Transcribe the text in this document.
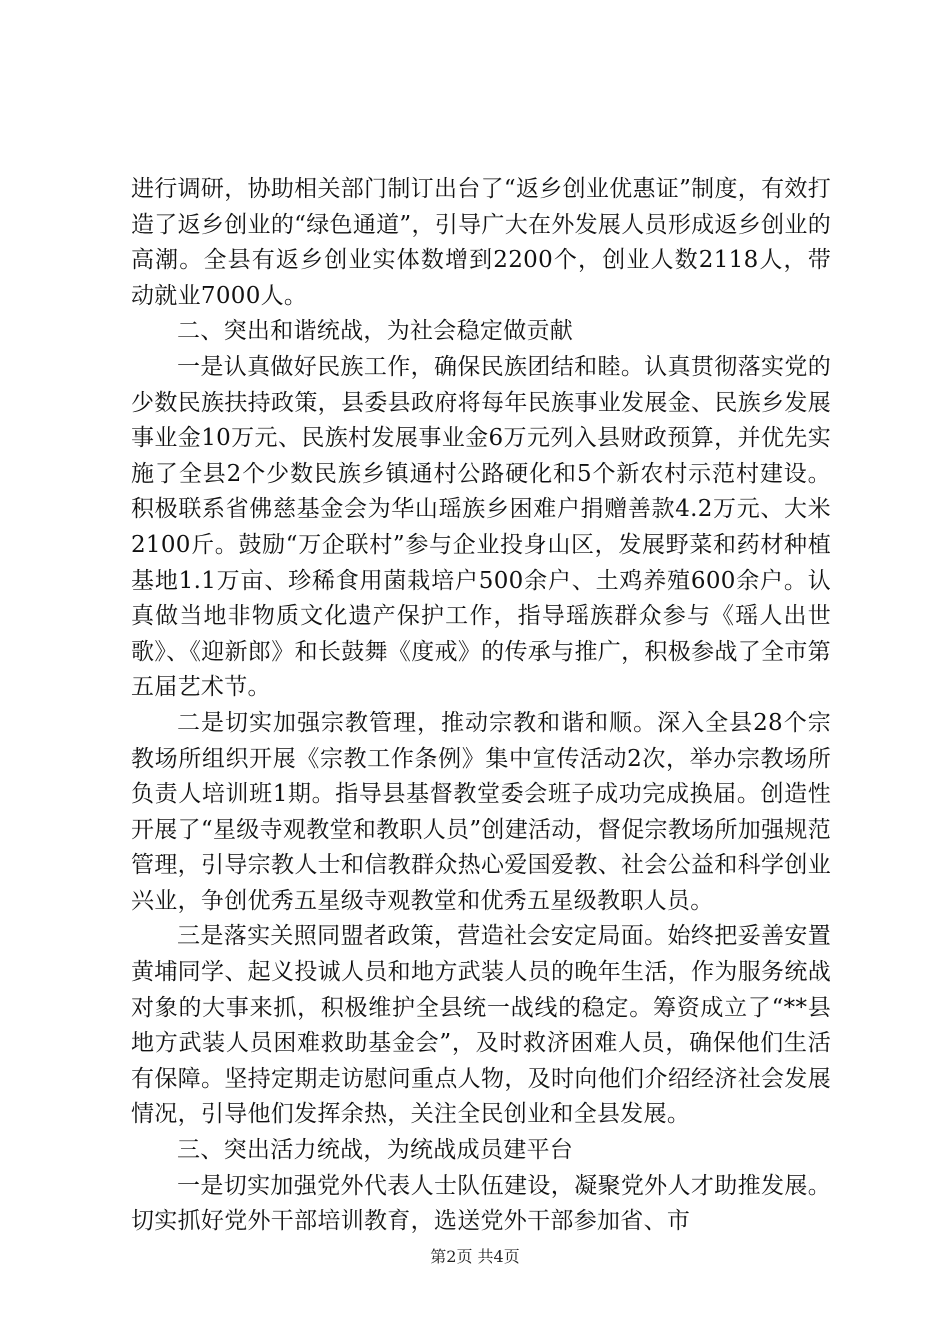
进行调研，协助相关部门制订出台了“返乡创业优惠证”制度，有效打造了返乡创业的“绿色通道”，引导广大在外发展人员形成返乡创业的高潮。全县有返乡创业实体数增到2200个，创业人数2118人，带动就业7000人。

二、突出和谐统战，为社会稳定做贡献

一是认真做好民族工作，确保民族团结和睦。认真贯彻落实党的少数民族扶持政策，县委县政府将每年民族事业发展金、民族乡发展事业金10万元、民族村发展事业金6万元列入县财政预算，并优先实施了全县2个少数民族乡镇通村公路硬化和5个新农村示范村建设。积极联系省佛慈基金会为华山瑶族乡困难户捐赠善款4.2万元、大米2100斤。鼓励“万企联村”参与企业投身山区，发展野菜和药材种植基地1.1万亩、珍稀食用菌栽培户500余户、土鸡养殖600余户。认真做当地非物质文化遗产保护工作，指导瑶族群众参与《瑶人出世歌》、《迎新郎》和长鼓舞《度戒》的传承与推广，积极参战了全市第五届艺术节。

二是切实加强宗教管理，推动宗教和谐和顺。深入全县28个宗教场所组织开展《宗教工作条例》集中宣传活动2次，举办宗教场所负责人培训班1期。指导县基督教堂委会班子成功完成换届。创造性开展了“星级寺观教堂和教职人员”创建活动，督促宗教场所加强规范管理，引导宗教人士和信教群众热心爱国爱教、社会公益和科学创业兴业，争创优秀五星级寺观教堂和优秀五星级教职人员。

三是落实关照同盟者政策，营造社会安定局面。始终把妥善安置黄埔同学、起义投诚人员和地方武装人员的晚年生活，作为服务统战对象的大事来抓，积极维护全县统一战线的稳定。筹资成立了“**县地方武装人员困难救助基金会”，及时救济困难人员，确保他们生活有保障。坚持定期走访慰问重点人物，及时向他们介绍经济社会发展情况，引导他们发挥余热，关注全民创业和全县发展。

三、突出活力统战，为统战成员建平台

一是切实加强党外代表人士队伍建设，凝聚党外人才助推发展。切实抓好党外干部培训教育，选送党外干部参加省、市

第2页 共4页
